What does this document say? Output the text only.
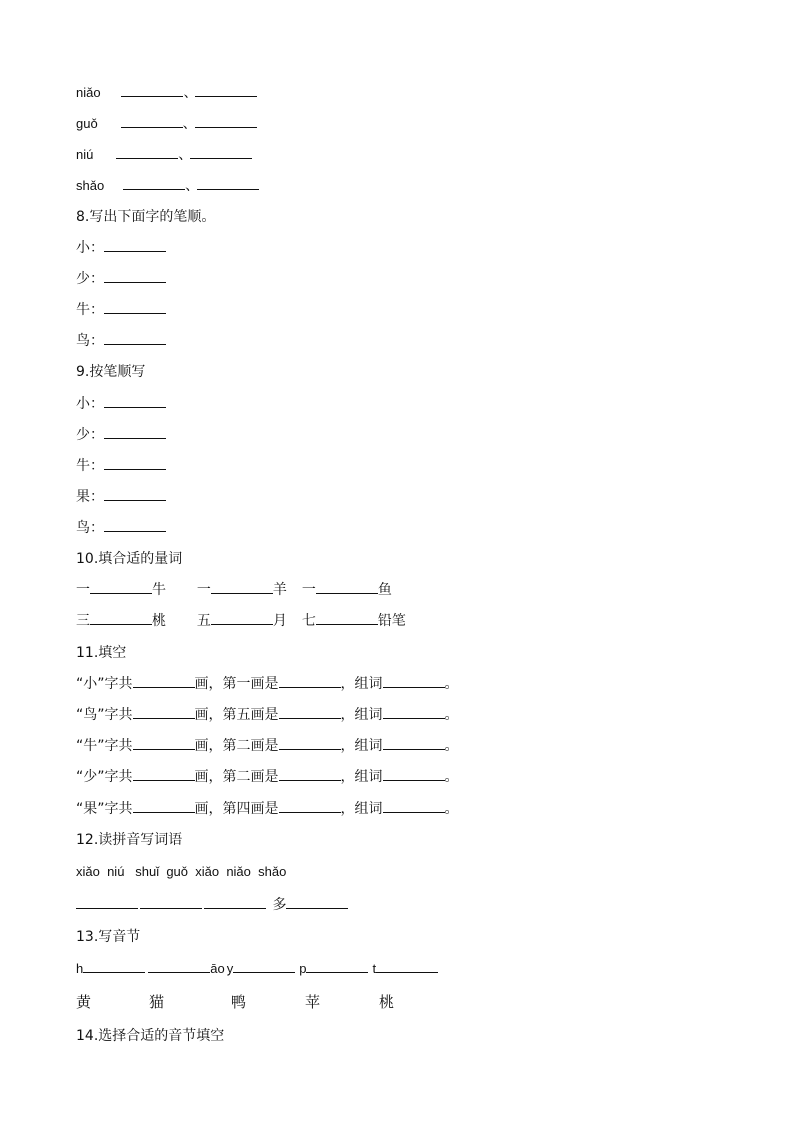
niǎo	、
guǒ	、
niú	、
shǎo	、
8.写出下面字的笔顺。
小：
少：
牛：
鸟：
9.按笔顺写
小：
少：
牛：
果：
鸟：
10.填合适的量词
一	牛 一	羊 一	鱼
三	桃 五	月 七	铅笔
11.填空
“小”字共	画，第一画是	，组词	。
“鸟”字共	画，第五画是	，组词	。
“牛”字共	画，第二画是	，组词	。
“少”字共	画，第二画是	，组词	。
“果”字共	画，第四画是	，组词	。
12.读拼音写词语
xiǎo  niú   shuǐ  guǒ  xiǎo  niǎo  shǎo
多
13.写音节
h	āo y	p	t
黄	猫	鸭	苹	桃
14.选择合适的音节填空
